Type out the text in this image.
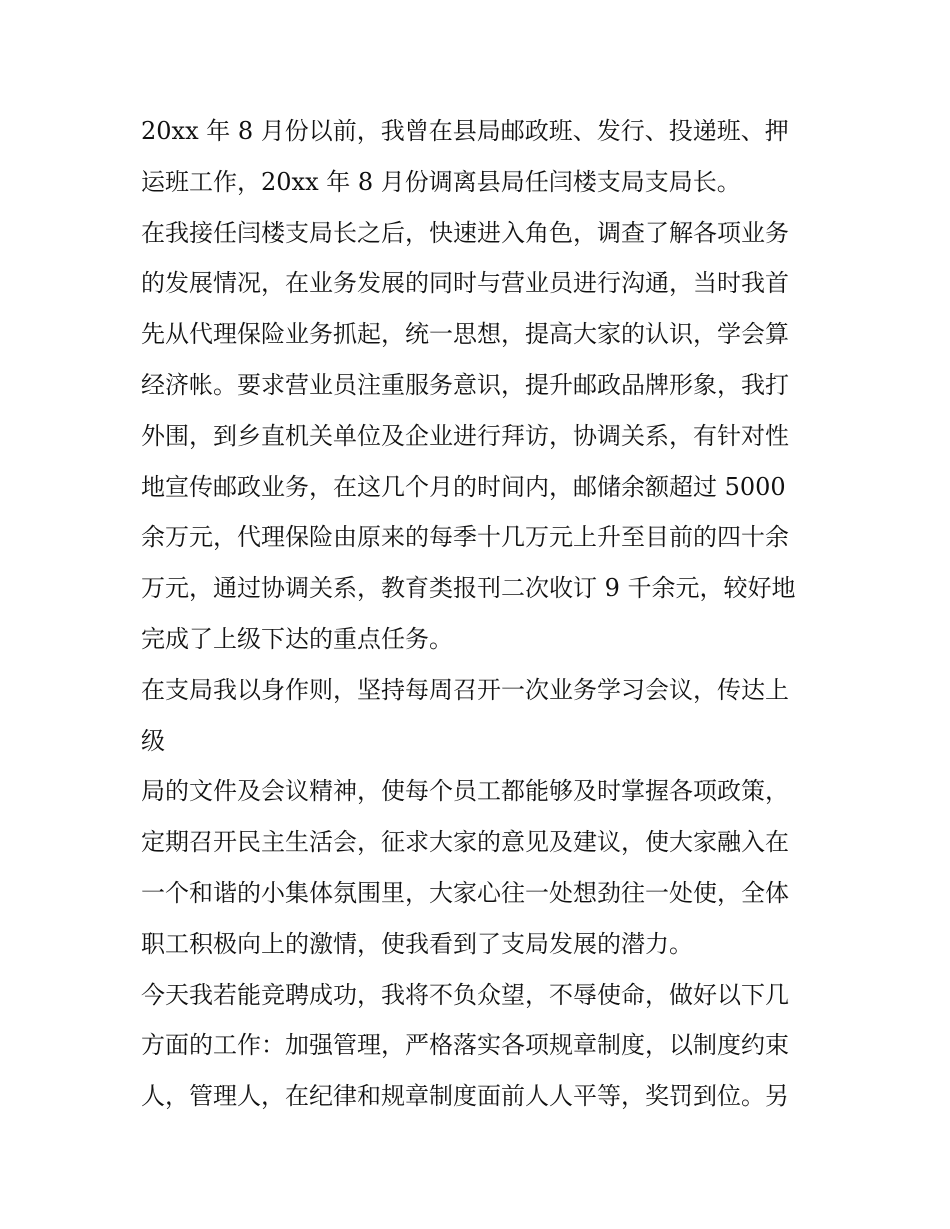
20xx 年 8 月份以前，我曾在县局邮政班、发行、投递班、押
运班工作，20xx 年 8 月份调离县局任闫楼支局支局长。
在我接任闫楼支局长之后，快速进入角色，调查了解各项业务
的发展情况，在业务发展的同时与营业员进行沟通，当时我首
先从代理保险业务抓起，统一思想，提高大家的认识，学会算
经济帐。要求营业员注重服务意识，提升邮政品牌形象，我打
外围，到乡直机关单位及企业进行拜访，协调关系，有针对性
地宣传邮政业务，在这几个月的时间内，邮储余额超过 5000
余万元，代理保险由原来的每季十几万元上升至目前的四十余
万元，通过协调关系，教育类报刊二次收订 9 千余元，较好地
完成了上级下达的重点任务。
在支局我以身作则，坚持每周召开一次业务学习会议，传达上
级
局的文件及会议精神，使每个员工都能够及时掌握各项政策，
定期召开民主生活会，征求大家的意见及建议，使大家融入在
一个和谐的小集体氛围里，大家心往一处想劲往一处使，全体
职工积极向上的激情，使我看到了支局发展的潜力。
今天我若能竞聘成功，我将不负众望，不辱使命，做好以下几
方面的工作：加强管理，严格落实各项规章制度，以制度约束
人，管理人，在纪律和规章制度面前人人平等，奖罚到位。另
